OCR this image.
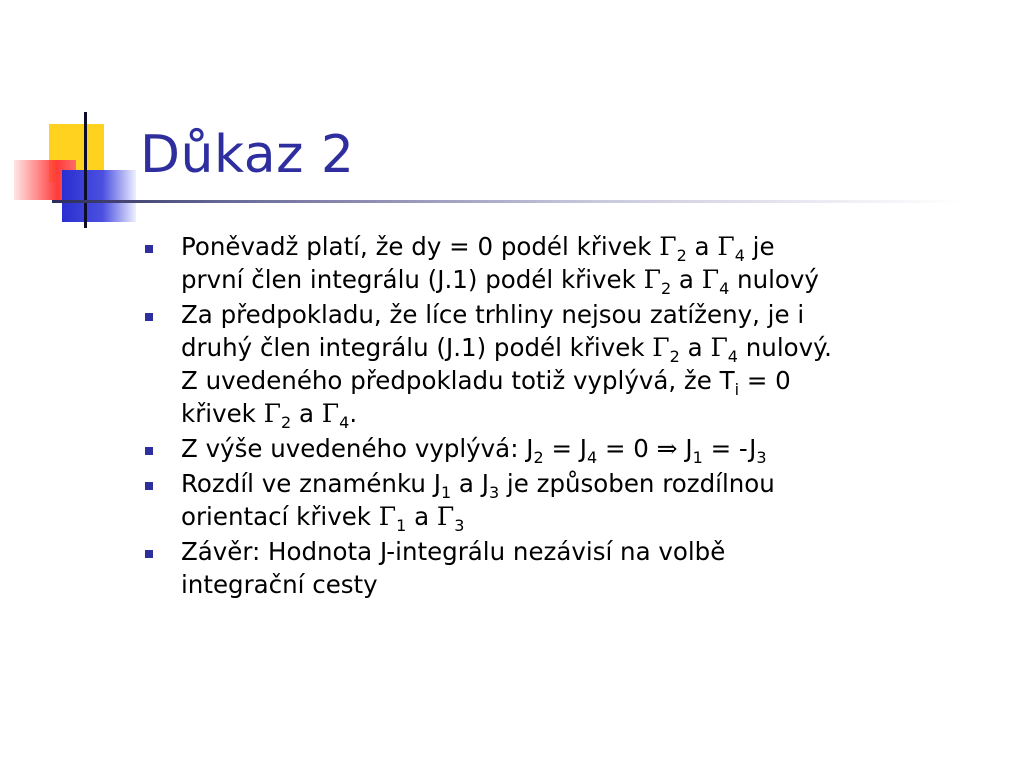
Důkaz 2
Poněvadž platí, že dy = 0 podél křivek $\Gamma_2$ a $\Gamma_4$ je
první člen integrálu (J.1) podél křivek $\Gamma_2$ a $\Gamma_4$ nulový
Za předpokladu, že líce trhliny nejsou zatíženy, je i
druhý člen integrálu (J.1) podél křivek $\Gamma_2$ a $\Gamma_4$ nulový.
Z uvedeného předpokladu totiž vyplývá, že $T_i = 0$
křivek $\Gamma_2$ a $\Gamma_4$.
Z výše uvedeného vyplývá: $J_2 = J_4 = 0$ ⇒ $J_1 = -J_3$
Rozdíl ve znaménku $J_1$ a $J_3$ je způsoben rozdílnou
orientací křivek $\Gamma_1$ a $\Gamma_3$
Závěr: Hodnota J-integrálu nezávisí na volbě
integrační cesty
